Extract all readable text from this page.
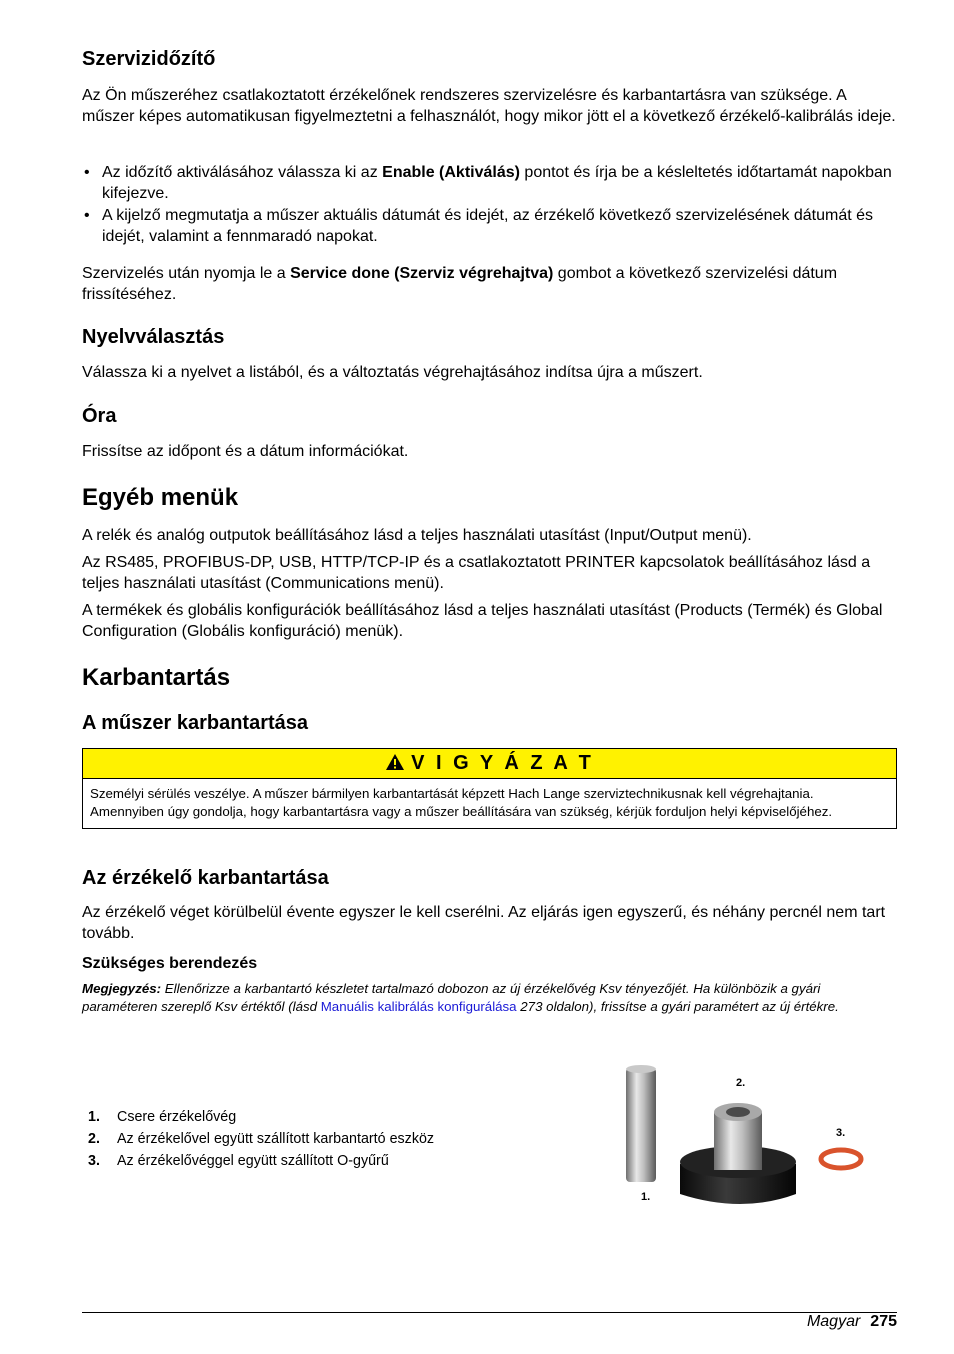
Szervizidőzítő

Az Ön műszeréhez csatlakoztatott érzékelőnek rendszeres szervizelésre és karbantartásra van szüksége. A műszer képes automatikusan figyelmeztetni a felhasználót, hogy mikor jött el a következő érzékelő-kalibrálás ideje.

• Az időzítő aktiválásához válassza ki az Enable (Aktiválás) pontot és írja be a késleltetés időtartamát napokban kifejezve.
• A kijelző megmutatja a műszer aktuális dátumát és idejét, az érzékelő következő szervizelésének dátumát és idejét, valamint a fennmaradó napokat.

Szervizelés után nyomja le a Service done (Szerviz végrehajtva) gombot a következő szervizelési dátum frissítéséhez.

Nyelvválasztás

Válassza ki a nyelvet a listából, és a változtatás végrehajtásához indítsa újra a műszert.

Óra

Frissítse az időpont és a dátum információkat.

Egyéb menük

A relék és analóg outputok beállításához lásd a teljes használati utasítást (Input/Output menü).

Az RS485, PROFIBUS-DP, USB, HTTP/TCP-IP és a csatlakoztatott PRINTER kapcsolatok beállításához lásd a teljes használati utasítást (Communications menü).

A termékek és globális konfigurációk beállításához lásd a teljes használati utasítást (Products (Termék) és Global Configuration (Globális konfiguráció) menük).

Karbantartás
A műszer karbantartása
V I G Y Á Z A T
Személyi sérülés veszélye. A műszer bármilyen karbantartását képzett Hach Lange szerviztechnikusnak kell végrehajtania. Amennyiben úgy gondolja, hogy karbantartásra vagy a műszer beállítására van szükség, kérjük forduljon helyi képviselőjéhez.
Az érzékelő karbantartása

Az érzékelő véget körülbelül évente egyszer le kell cserélni. Az eljárás igen egyszerű, és néhány percnél nem tart tovább.

Szükséges berendezés
Megjegyzés: Ellenőrizze a karbantartó készletet tartalmazó dobozon az új érzékelővég Ksv tényezőjét. Ha különbözik a gyári paraméteren szereplő Ksv értéktől (lásd Manuális kalibrálás konfigurálása 273 oldalon), frissítse a gyári paramétert az új értékre.
1. Csere érzékelővég
2. Az érzékelővel együtt szállított karbantartó eszköz
3. Az érzékelővéggel együtt szállított O-gyűrű
1.
2.
3.
Magyar 275
